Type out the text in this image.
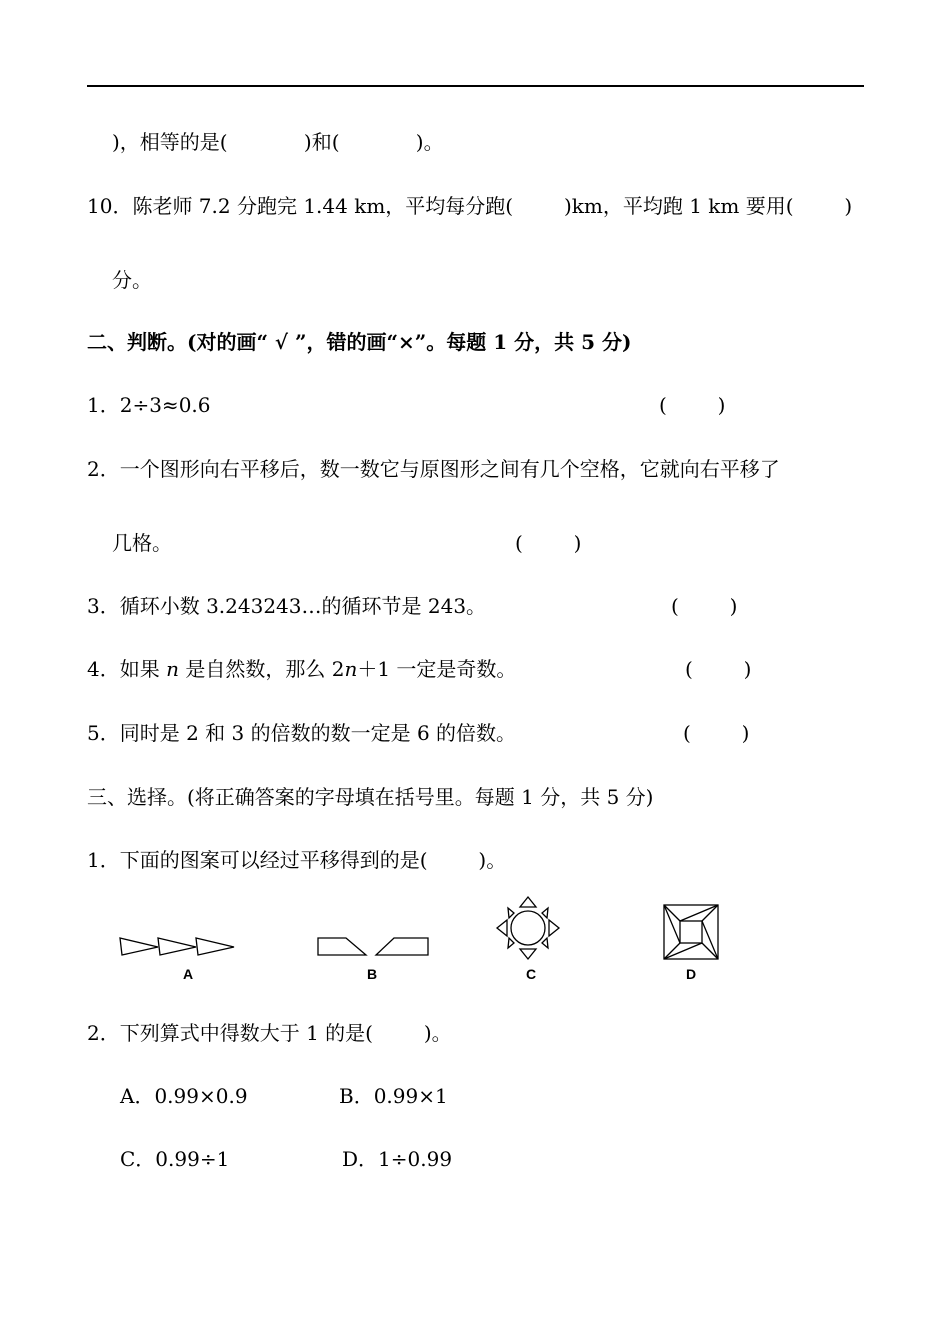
)，相等的是(            )和(            )。
10．陈老师 7.2 分跑完 1.44 km，平均每分跑(        )km，平均跑 1 km 要用(        )
分。
二、判断。(对的画“ √ ”，错的画“×”。每题 1 分，共 5 分)
1．2÷3≈0.6	(        )
2．一个图形向右平移后，数一数它与原图形之间有几个空格，它就向右平移了
几格。	(        )
3．循环小数 3.243243…的循环节是 243。	(        )
4．如果 n 是自然数，那么 2n＋1 一定是奇数。	(        )
5．同时是 2 和 3 的倍数的数一定是 6 的倍数。	(        )
三、选择。(将正确答案的字母填在括号里。每题 1 分，共 5 分)
1．下面的图案可以经过平移得到的是(        )。
A	B	C	D
2．下列算式中得数大于 1 的是(        )。
A．0.99×0.9	B．0.99×1
C．0.99÷1	D．1÷0.99
